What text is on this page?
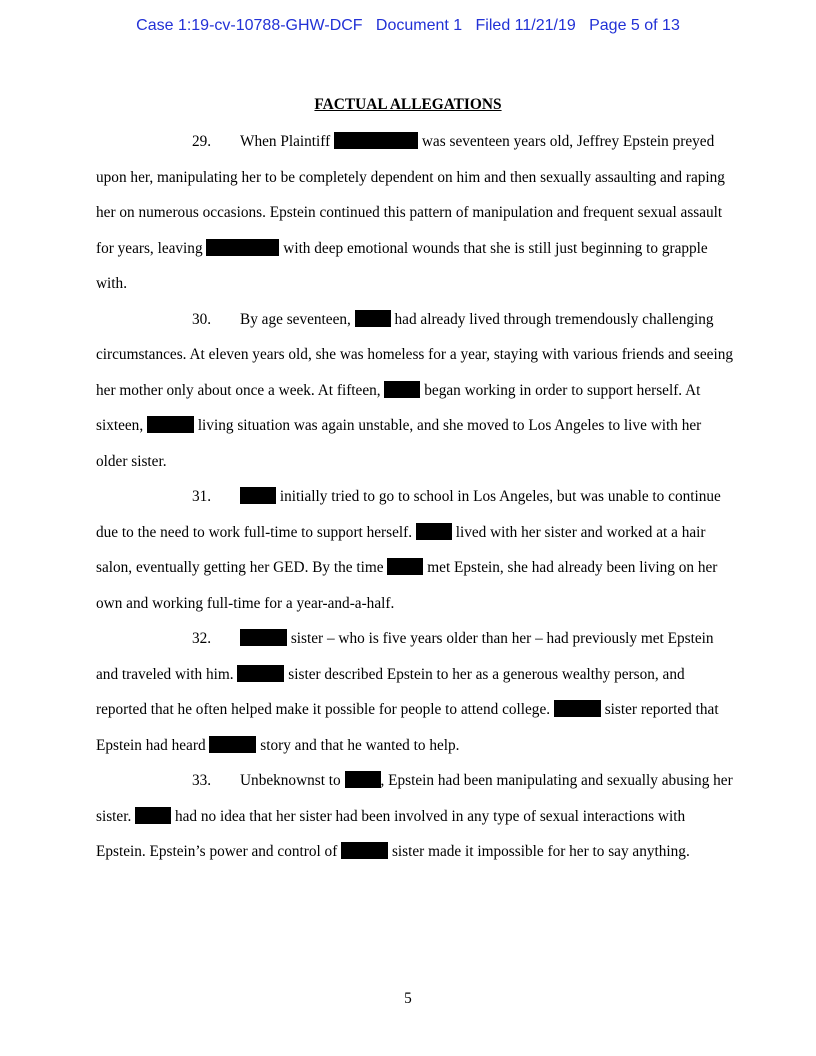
Case 1:19-cv-10788-GHW-DCF Document 1 Filed 11/21/19 Page 5 of 13
FACTUAL ALLEGATIONS
29. When Plaintiff	was seventeen years old, Jeffrey Epstein preyed upon her, manipulating her to be completely dependent on him and then sexually assaulting and raping her on numerous occasions. Epstein continued this pattern of manipulation and frequent sexual assault for years, leaving	with deep emotional wounds that she is still just beginning to grapple with.
30. By age seventeen,	had already lived through tremendously challenging circumstances. At eleven years old, she was homeless for a year, staying with various friends and seeing her mother only about once a week. At fifteen,	began working in order to support herself. At sixteen,	living situation was again unstable, and she moved to Los Angeles to live with her older sister.
31.	initially tried to go to school in Los Angeles, but was unable to continue due to the need to work full-time to support herself.	lived with her sister and worked at a hair salon, eventually getting her GED. By the time	met Epstein, she had already been living on her own and working full-time for a year-and-a-half.
32.	sister – who is five years older than her – had previously met Epstein and traveled with him.	sister described Epstein to her as a generous wealthy person, and reported that he often helped make it possible for people to attend college.	sister reported that Epstein had heard	story and that he wanted to help.
33. Unbeknownst to	, Epstein had been manipulating and sexually abusing her sister.	had no idea that her sister had been involved in any type of sexual interactions with Epstein. Epstein’s power and control of	sister made it impossible for her to say anything.
5
